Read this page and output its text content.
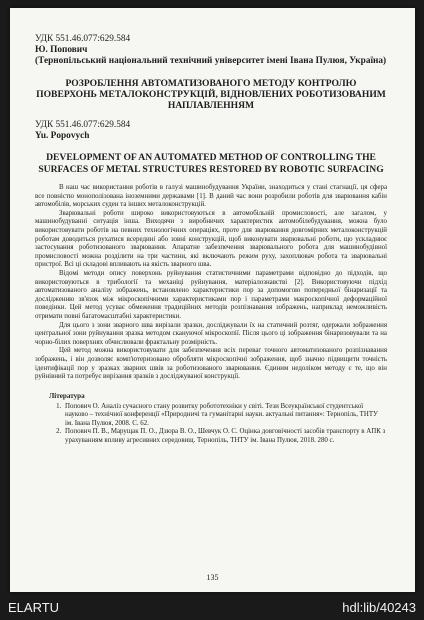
УДК 551.46.077:629.584
Ю. Попович
(Тернопільський національний технічний університет імені Івана Пулюя, Україна)
РОЗРОБЛЕННЯ АВТОМАТИЗОВАНОГО МЕТОДУ КОНТРОЛЮ ПОВЕРХОНЬ МЕТАЛОКОНСТРУКЦІЙ, ВІДНОВЛЕНИХ РОБОТИЗОВАНИМ НАПЛАВЛЕННЯМ
УДК 551.46.077:629.584
Yu. Popovych
DEVELOPMENT OF AN AUTOMATED METHOD OF CONTROLLING THE SURFACES OF METAL STRUCTURES RESTORED BY ROBOTIC SURFACING

В наш час використання роботів в галузі машинобудування України, знаходиться у стані стагнації, ця сфера все повністю монополізована іноземними державами [1]. В даний час вони розробили роботів для зварювання кабін автомобілів, морських суден та інших металоконструкцій.

Зварювальні роботи широко використовуються в автомобільній промисловості, але загалом, у машинобудуванні ситуація інша. Виходячи з виробничих характеристик автомобілебудування, можна було використовувати роботів на певних технологічних операціях, проте для зварювання довгомірних металоконструкцій роботам доводиться рухатися всередині або зовні конструкцій, щоб виконувати зварювальні роботи, що ускладнює застосування роботизованого зварювання. Апаратне забезпечення зварювального робота для машинобудівної промисловості можна розділити на три частини, які включають режим руху, захоплювач робота та зварювальні пристрої. Всі ці складові впливають на якість зварного шва.

Відомі методи опису поверхонь руйнування статистичними параметрами відповідно до підходів, що використовуються в трибології та механіці руйнування, матеріалознавстві [2]. Використовуючи підхід автоматизованого аналізу зображень, встановлено характеристики пор за допомогою попередньої бінаризації та дослідженню зв'язок між мікроскопічними характеристиками пор і параметрами макроскопічної деформаційної поведінки. Цей метод усуває обмеження традиційних методів розпізнавання зображень, наприклад неможливість отримати повні багатомасштабні характеристики.

Для цього з зони зварного шва вирізали зразки, досліджували їх на статичний розтяг, одержали зображення центральної зони руйнування зразка методом скануючої мікроскопії. Після цього ці зображення бінаризовували та на чорно-білих поверхнях обчислювали фрактальну розмірність.

Цей метод можна використовувати для забезпечення всіх переваг точного автоматизованого розпізнавання зображень, і він дозволяє комп'ютеризовано обробляти мікроскопічні зображення, щоб значно підвищити точність ідентифікації пор у зразках зварних швів за роботизованого зварювання. Єдиним недоліком методу є те, що він руйнівний та потребує вирізання зразків з досліджуваної конструкції.

Література
1. Попович О. Аналіз сучасного стану розвитку робототехніки у світі. Тези Всеукраїнської студентської науково – технічної конференції «Природничі та гуманітарні науки. актуальні питання»: Тернопіль, ТНТУ ім. Івана Пулюя, 2008. С. 62.
2. Попович П. В., Марущак П. О., Дзюра В. О., Шевчук О. С. Оцінка довговічності засобів транспорту в АПК з урахуванням впливу агресивних середовищ. Тернопіль, ТНТУ ім. Івана Пулюя, 2018. 280 с.
135
ELARTU	hdl:lib/40243
